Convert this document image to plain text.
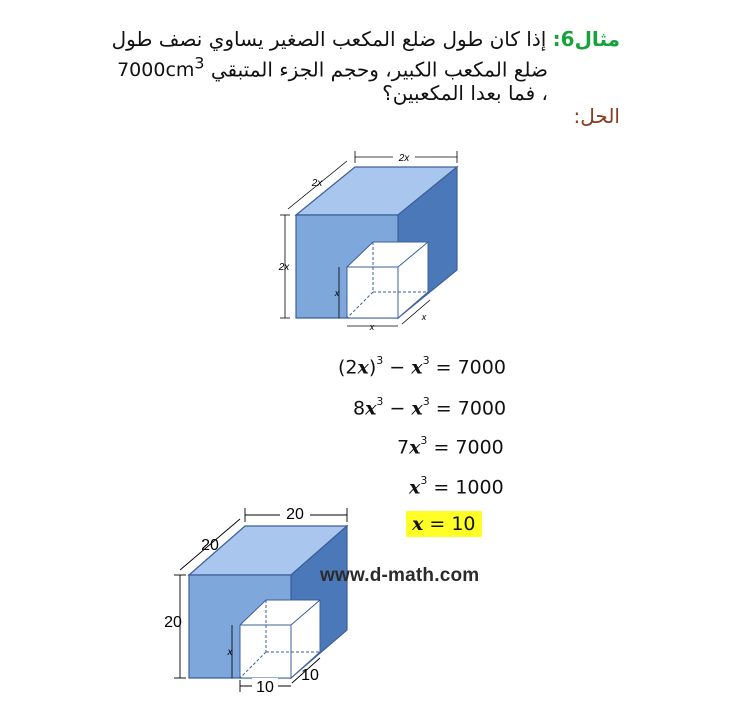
مثال6: إذا كان طول ضلع المكعب الصغير يساوي نصف طول
ضلع المكعب الكبير، وحجم الجزء المتبقي $7000cm^3$
، فما بعدا المكعبين؟
الحل:
2x
2x
2x
x
x
x
$(2x)^3 - x^3 = 7000$
$8x^3 - x^3 = 7000$
$7x^3 = 7000$
$x^3 = 1000$
x = 10
20
20
20
x
10
10
www.d-math.com
